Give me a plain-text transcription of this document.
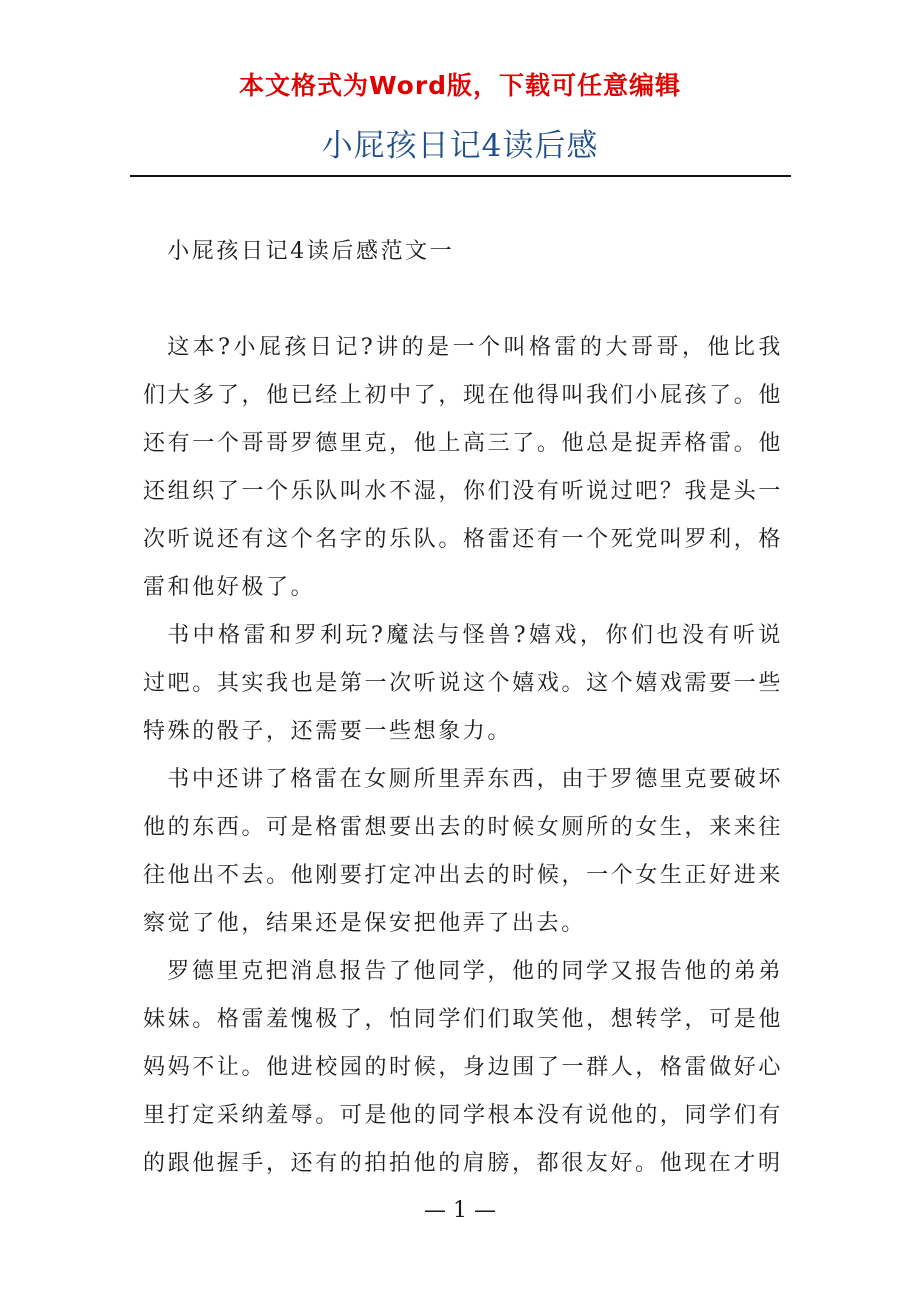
本文格式为Word版，下载可任意编辑
小屁孩日记4读后感

小屁孩日记4读后感范文一

这本?小屁孩日记?讲的是一个叫格雷的大哥哥，他比我们大多了，他已经上初中了，现在他得叫我们小屁孩了。他还有一个哥哥罗德里克，他上高三了。他总是捉弄格雷。他还组织了一个乐队叫水不湿，你们没有听说过吧？我是头一次听说还有这个名字的乐队。格雷还有一个死党叫罗利，格雷和他好极了。

书中格雷和罗利玩?魔法与怪兽?嬉戏，你们也没有听说过吧。其实我也是第一次听说这个嬉戏。这个嬉戏需要一些特殊的骰子，还需要一些想象力。

书中还讲了格雷在女厕所里弄东西，由于罗德里克要破坏他的东西。可是格雷想要出去的时候女厕所的女生，来来往往他出不去。他刚要打定冲出去的时候，一个女生正好进来察觉了他，结果还是保安把他弄了出去。

罗德里克把消息报告了他同学，他的同学又报告他的弟弟妹妹。格雷羞愧极了，怕同学们们取笑他，想转学，可是他妈妈不让。他进校园的时候，身边围了一群人，格雷做好心里打定采纳羞辱。可是他的同学根本没有说他的，同学们有的跟他握手，还有的拍拍他的肩膀，都很友好。他现在才明

— 1 —
